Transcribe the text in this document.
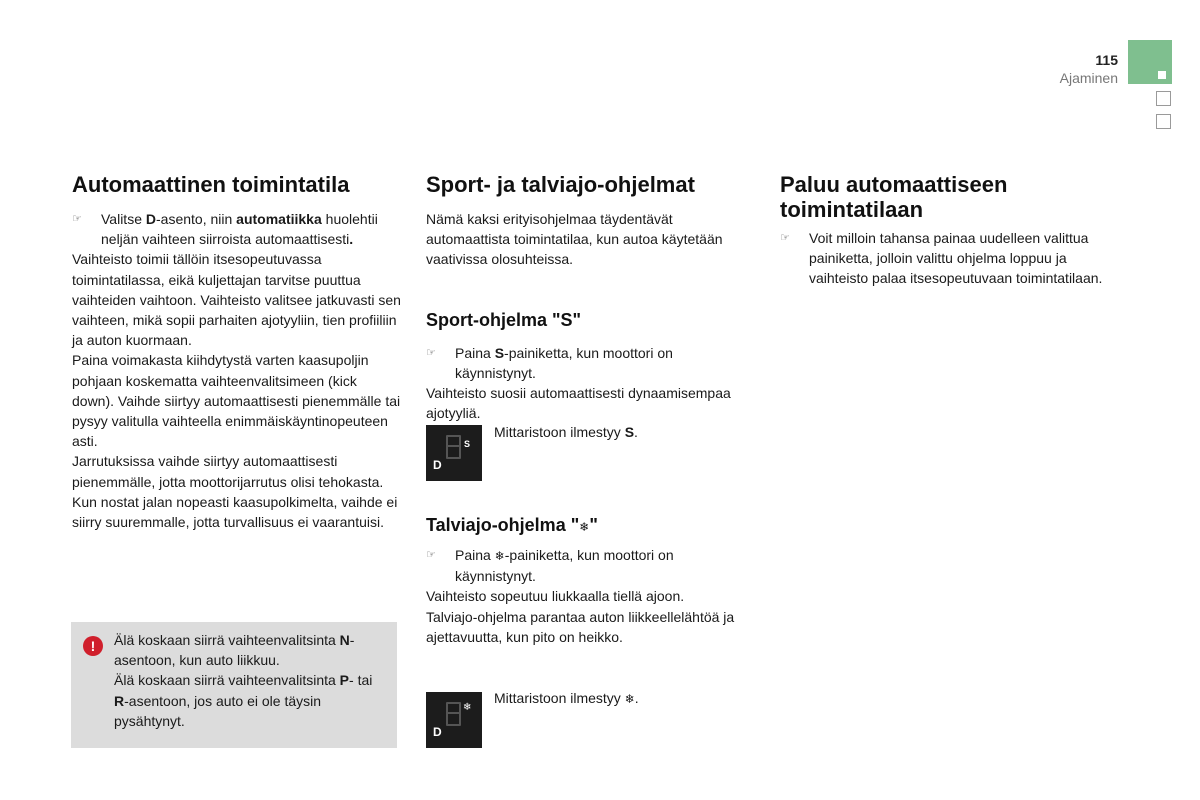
115
Ajaminen
Automaattinen toimintatila
☞
Valitse D-asento, niin automatiikka huolehtii neljän vaihteen siirroista automaattisesti.

Vaihteisto toimii tällöin itsesopeutuvassa toimintatilassa, eikä kuljettajan tarvitse puuttua vaihteiden vaihtoon. Vaihteisto valitsee jatkuvasti sen vaihteen, mikä sopii parhaiten ajotyyliin, tien profiiliin ja auton kuormaan.

Paina voimakasta kiihdytystä varten kaasupoljin pohjaan koskematta vaihteenvalitsimeen (kick down). Vaihde siirtyy automaattisesti pienemmälle tai pysyy valitulla vaihteella enimmäiskäyntinopeuteen asti.

Jarrutuksissa vaihde siirtyy automaattisesti pienemmälle, jotta moottorijarrutus olisi tehokasta.

Kun nostat jalan nopeasti kaasupolkimelta, vaihde ei siirry suuremmalle, jotta turvallisuus ei vaarantuisi.

!	Älä koskaan siirrä vaihteenvalitsinta N-asentoon, kun auto liikkuu.

Älä koskaan siirrä vaihteenvalitsinta P- tai R-asentoon, jos auto ei ole täysin pysähtynyt.

Sport- ja talviajo-ohjelmat

Nämä kaksi erityisohjelmaa täydentävät automaattista toimintatilaa, kun autoa käytetään vaativissa olosuhteissa.

Sport-ohjelma "S"
☞
Paina S-painiketta, kun moottori on käynnistynyt.

Vaihteisto suosii automaattisesti dynaamisempaa ajotyyliä.

D
S
Mittaristoon ilmestyy S.
Talviajo-ohjelma "❄"
☞
Paina ❄-painiketta, kun moottori on käynnistynyt.

Vaihteisto sopeutuu liukkaalla tiellä ajoon.

Talviajo-ohjelma parantaa auton liikkeellelähtöä ja ajettavuutta, kun pito on heikko.

D
❄
Mittaristoon ilmestyy ❄.
Paluu automaattiseen toimintatilaan
☞
Voit milloin tahansa painaa uudelleen valittua painiketta, jolloin valittu ohjelma loppuu ja vaihteisto palaa itsesopeutuvaan toimintatilaan.
